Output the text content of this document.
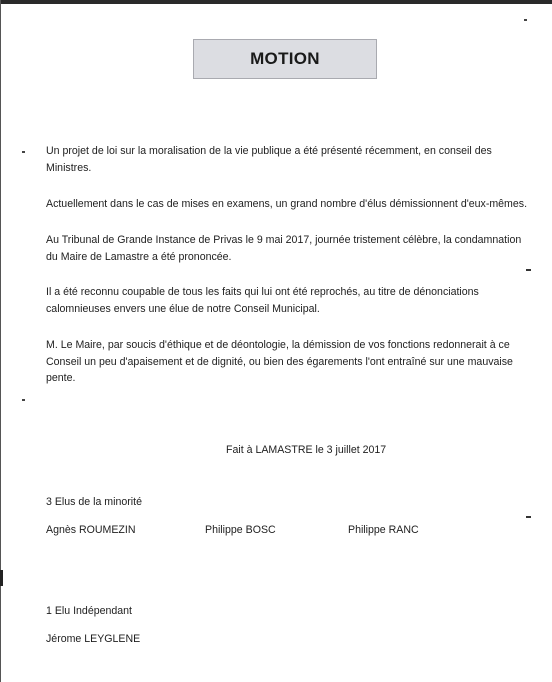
MOTION

Un projet de loi sur la moralisation de la vie publique a été présenté récemment, en conseil des Ministres.

Actuellement dans le cas de mises en examens, un grand nombre d'élus démissionnent d'eux-mêmes.

Au Tribunal de Grande Instance de Privas le 9 mai 2017, journée tristement célèbre, la condamnation du Maire de Lamastre a été prononcée.

Il a été reconnu coupable de tous les faits qui lui ont été reprochés, au titre de dénonciations calomnieuses envers une élue de notre Conseil Municipal.

M. Le Maire, par soucis d'éthique et de déontologie, la démission de vos fonctions redonnerait à ce Conseil un peu d'apaisement et de dignité, ou bien des égarements l'ont entraîné sur une mauvaise pente.

Fait à LAMASTRE le 3 juillet 2017
3 Elus de la minorité
Agnès ROUMEZIN	Philippe BOSC	Philippe RANC
1 Elu Indépendant
Jérome LEYGLENE
